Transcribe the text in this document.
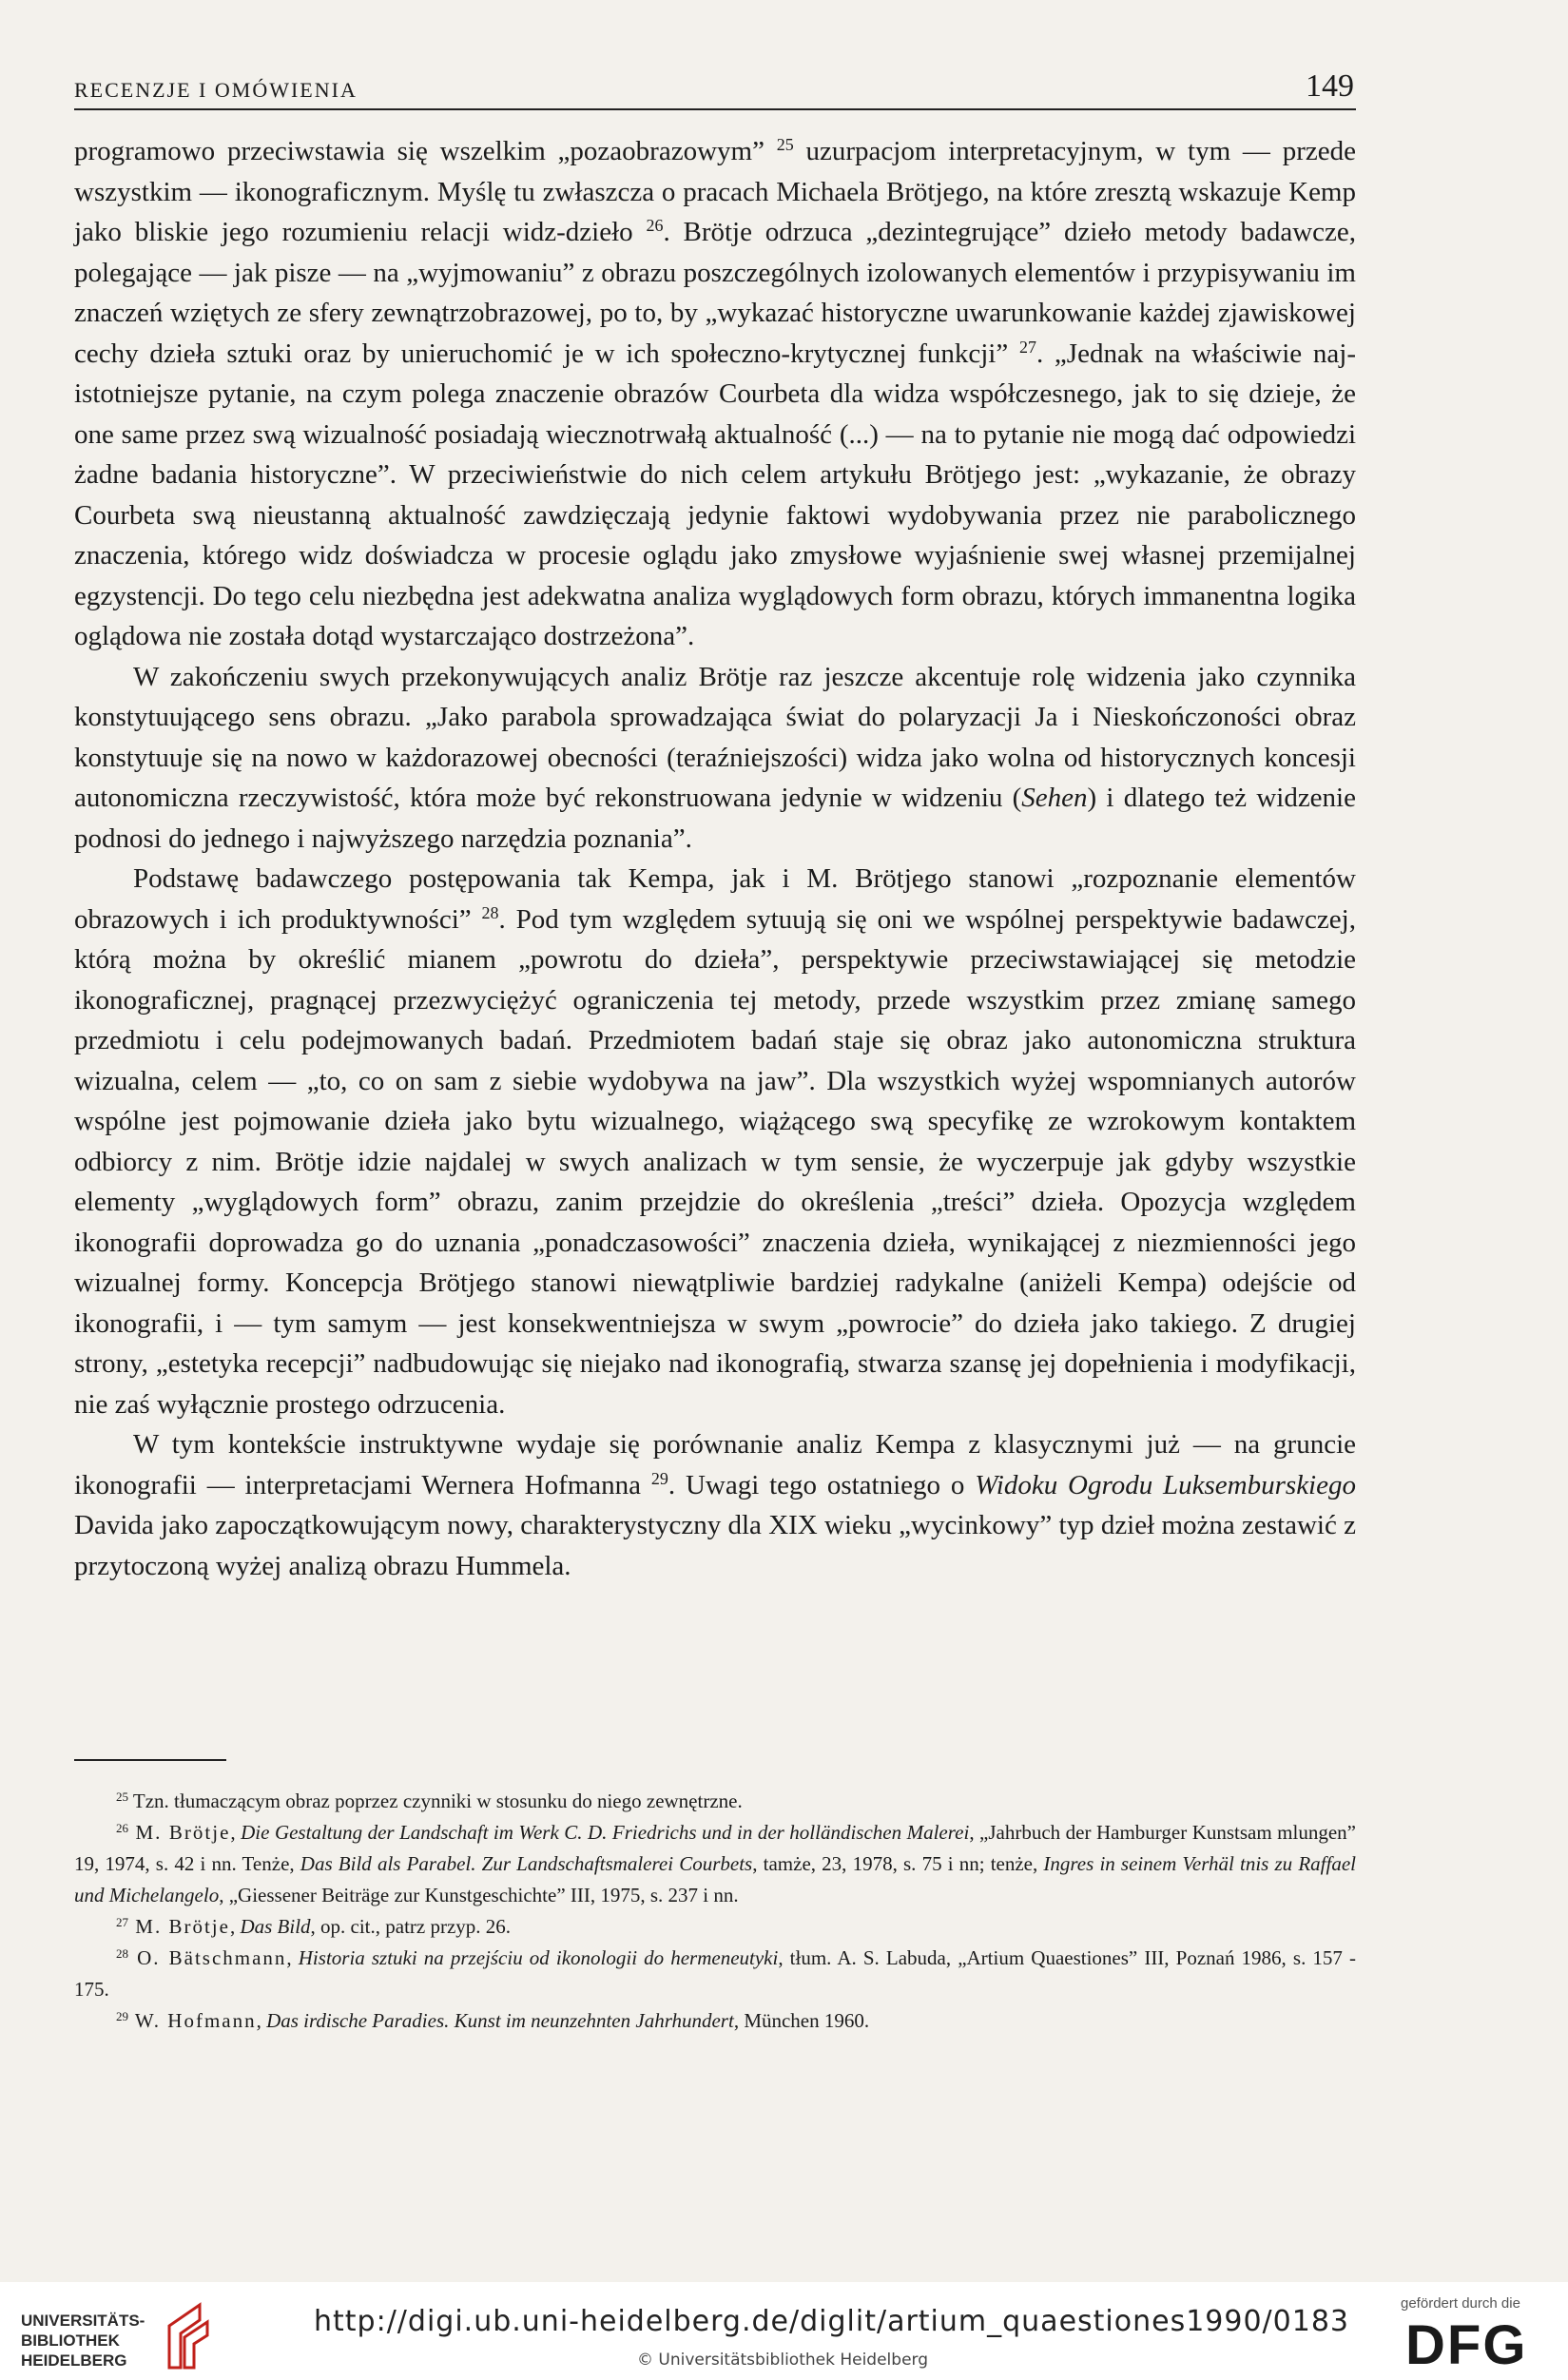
RECENZJE I OMÓWIENIA	149

programowo przeciwstawia się wszelkim „pozaobrazowym” $^{25}$ uzurpacjom interpretacyjnym, w tym — przede wszystkim — ikonograficznym. Myślę tu zwłaszcza o pracach Michaela Brötjego, na które zresztą wskazuje Kemp jako bliskie jego rozumieniu relacji widz-dzieło $^{26}$. Brötje odrzuca „dezintegrujące” dzieło metody badawcze, polegające — jak pisze — na „wyjmowaniu” z obrazu poszczególnych izolowanych elementów i przypisywaniu im znaczeń wziętych ze sfery zewnątrzobrazowej, po to, by „wykazać historyczne uwarunkowanie każdej zjawiskowej cechy dzieła sztuki oraz by unieruchomić je w ich społeczno-krytycznej funkcji” $^{27}$. „Jednak na właściwie najistotniejsze pytanie, na czym polega znaczenie obrazów Courbeta dla widza współczesnego, jak to się dzieje, że one same przez swą wizualność posiadają wiecznotrwałą aktualność (...) — na to pytanie nie mogą dać odpowiedzi żadne badania historyczne”. W przeciwieństwie do nich celem artykułu Brötjego jest: „wykazanie, że obrazy Courbeta swą nieustanną aktualność zawdzięczają jedynie faktowi wydobywania przez nie parabolicznego znaczenia, którego widz doświadcza w procesie oglądu jako zmysłowe wyjaśnienie swej własnej przemijalnej egzystencji. Do tego celu niezbędna jest adekwatna analiza wyglądowych form obrazu, których immanentna logika oglądowa nie została dotąd wystarczająco dostrzeżona”.

W zakończeniu swych przekonywujących analiz Brötje raz jeszcze akcentuje rolę widzenia jako czynnika konstytuującego sens obrazu. „Jako parabola sprowadzająca świat do polaryzacji Ja i Nieskończoności obraz konstytuuje się na nowo w każdorazowej obecności (teraźniejszości) widza jako wolna od historycznych koncesji autonomiczna rzeczywistość, która może być rekonstruowana jedynie w widzeniu (Sehen) i dlatego też widzenie podnosi do jednego i najwyższego narzędzia poznania”.

Podstawę badawczego postępowania tak Kempa, jak i M. Brötjego stanowi „rozpoznanie elementów obrazowych i ich produktywności” $^{28}$. Pod tym względem sytuują się oni we wspólnej perspektywie badawczej, którą można by określić mianem „powrotu do dzieła”, perspektywie przeciwstawiającej się metodzie ikonograficznej, pragnącej przezwyciężyć ograniczenia tej metody, przede wszystkim przez zmianę samego przedmiotu i celu podejmowanych badań. Przedmiotem badań staje się obraz jako autonomiczna struktura wizualna, celem — „to, co on sam z siebie wydobywa na jaw”. Dla wszystkich wyżej wspomnianych autorów wspólne jest pojmowanie dzieła jako bytu wizualnego, wiążącego swą specyfikę ze wzrokowym kontaktem odbiorcy z nim. Brötje idzie najdalej w swych analizach w tym sensie, że wyczerpuje jak gdyby wszystkie elementy „wyglądowych form” obrazu, zanim przejdzie do określenia „treści” dzieła. Opozycja względem ikonografii doprowadza go do uznania „ponadczasowości” znaczenia dzieła, wynikającej z niezmienności jego wizualnej formy. Koncepcja Brötjego stanowi niewątpliwie bardziej radykalne (aniżeli Kempa) odejście od ikonografii, i — tym samym — jest konsekwentniejsza w swym „powrocie” do dzieła jako takiego. Z drugiej strony, „estetyka recepcji” nadbudowując się niejako nad ikonografią, stwarza szansę jej dopełnienia i modyfikacji, nie zaś wyłącznie prostego odrzucenia.

W tym kontekście instruktywne wydaje się porównanie analiz Kempa z klasycznymi już — na gruncie ikonografii — interpretacjami Wernera Hofmanna $^{29}$. Uwagi tego ostatniego o Widoku Ogrodu Luksemburskiego Davida jako zapoczątkowującym nowy, charakterystyczny dla XIX wieku „wycinkowy” typ dzieł można zestawić z przytoczoną wyżej analizą obrazu Hummela.

$^{25}$ Tzn. tłumaczącym obraz poprzez czynniki w stosunku do niego zewnętrzne.

$^{26}$ M. Brötje, Die Gestaltung der Landschaft im Werk C. D. Friedrichs und in der holländischen Malerei, „Jahrbuch der Hamburger Kunstsam mlungen” 19, 1974, s. 42 i nn. Tenże, Das Bild als Parabel. Zur Landschaftsmalerei Courbets, tamże, 23, 1978, s. 75 i nn; tenże, Ingres in seinem Verhäl tnis zu Raffael und Michelangelo, „Giessener Beiträge zur Kunstgeschichte” III, 1975, s. 237 i nn.

$^{27}$ M. Brötje, Das Bild, op. cit., patrz przyp. 26.

$^{28}$ O. Bätschmann, Historia sztuki na przejściu od ikonologii do hermeneutyki, tłum. A. S. Labuda, „Artium Quaestiones” III, Poznań 1986, s. 157 - 175.

$^{29}$ W. Hofmann, Das irdische Paradies. Kunst im neunzehnten Jahrhundert, München 1960.

UNIVERSITÄTS-
BIBLIOTHEK
HEIDELBERG
http://digi.ub.uni-heidelberg.de/diglit/artium_quaestiones1990/0183
© Universitätsbibliothek Heidelberg
gefördert durch die
DFG
